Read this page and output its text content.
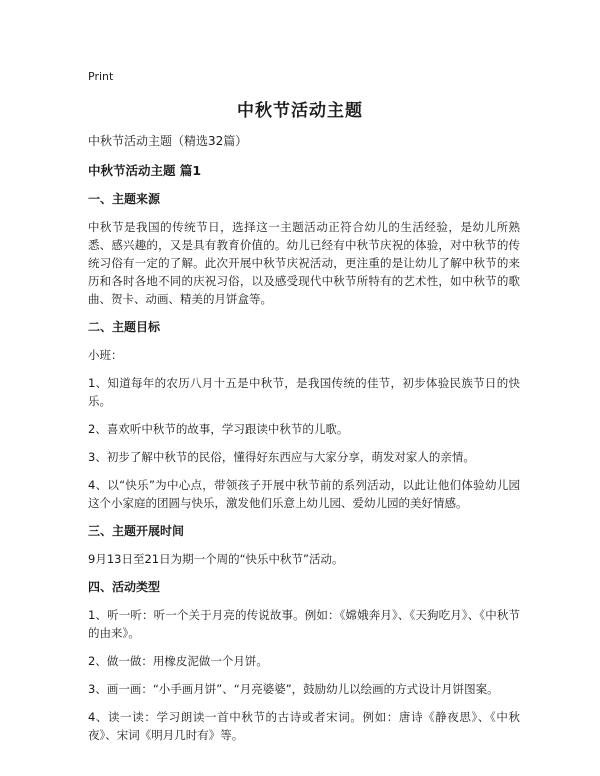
Print
中秋节活动主题

中秋节活动主题（精选32篇）

中秋节活动主题 篇1

一、主题来源

中秋节是我国的传统节日，选择这一主题活动正符合幼儿的生活经验，是幼儿所熟悉、感兴趣的，又是具有教育价值的。幼儿已经有中秋节庆祝的体验，对中秋节的传统习俗有一定的了解。此次开展中秋节庆祝活动，更注重的是让幼儿了解中秋节的来历和各时各地不同的庆祝习俗，以及感受现代中秋节所特有的艺术性，如中秋节的歌曲、贺卡、动画、精美的月饼盒等。

二、主题目标

小班：

1、知道每年的农历八月十五是中秋节，是我国传统的佳节，初步体验民族节日的快乐。

2、喜欢听中秋节的故事，学习跟读中秋节的儿歌。

3、初步了解中秋节的民俗，懂得好东西应与大家分享，萌发对家人的亲情。

4、以“快乐”为中心点，带领孩子开展中秋节前的系列活动，以此让他们体验幼儿园这个小家庭的团圆与快乐，激发他们乐意上幼儿园、爱幼儿园的美好情感。

三、主题开展时间

9月13日至21日为期一个周的“快乐中秋节”活动。

四、活动类型

1、听一听：听一个关于月亮的传说故事。例如：《嫦娥奔月》、《天狗吃月》、《中秋节的由来》。

2、做一做：用橡皮泥做一个月饼。

3、画一画：“小手画月饼”、“月亮婆婆”，鼓励幼儿以绘画的方式设计月饼图案。

4、读一读：学习朗读一首中秋节的古诗或者宋词。例如：唐诗《静夜思》、《中秋夜》、宋词《明月几时有》等。
